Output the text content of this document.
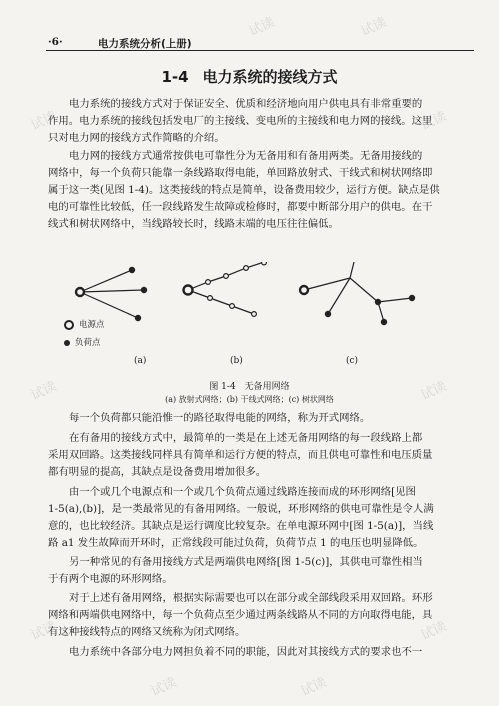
·6·	电力系统分析(上册)
1-4 电力系统的接线方式
电力系统的接线方式对于保证安全、优质和经济地向用户供电具有非常重要的
作用。电力系统的接线包括发电厂的主接线、变电所的主接线和电力网的接线。这里
只对电力网的接线方式作简略的介绍。
电力网的接线方式通常按供电可靠性分为无备用和有备用两类。无备用接线的
网络中，每一个负荷只能靠一条线路取得电能，单回路放射式、干线式和树状网络即
属于这一类(见图 1-4)。这类接线的特点是简单，设备费用较少，运行方便。缺点是供
电的可靠性比较低，任一段线路发生故障或检修时，都要中断部分用户的供电。在干
线式和树状网络中，当线路较长时，线路末端的电压往往偏低。
电源点
负荷点
(a)	(b)	(c)
图 1-4　无备用网络
(a) 放射式网络；(b) 干线式网络；(c) 树状网络
每一个负荷都只能沿惟一的路径取得电能的网络，称为开式网络。
在有备用的接线方式中，最简单的一类是在上述无备用网络的每一段线路上都
采用双回路。这类接线同样具有简单和运行方便的特点，而且供电可靠性和电压质量
都有明显的提高，其缺点是设备费用增加很多。
由一个或几个电源点和一个或几个负荷点通过线路连接而成的环形网络[见图
1-5(a),(b)]，是一类最常见的有备用网络。一般说，环形网络的供电可靠性是令人满
意的，也比较经济。其缺点是运行调度比较复杂。在单电源环网中[图 1-5(a)]，当线
路 a1 发生故障而开环时，正常线段可能过负荷，负荷节点 1 的电压也明显降低。
另一种常见的有备用接线方式是两端供电网络[图 1-5(c)]，其供电可靠性相当
于有两个电源的环形网络。
对于上述有备用网络，根据实际需要也可以在部分或全部线段采用双回路。环形
网络和两端供电网络中，每一个负荷点至少通过两条线路从不同的方向取得电能，具
有这种接线特点的网络又统称为闭式网络。
电力系统中各部分电力网担负着不同的职能，因此对其接线方式的要求也不一
试读	试读
试读	试读
试读	试读
试读	试读
试读	试读
